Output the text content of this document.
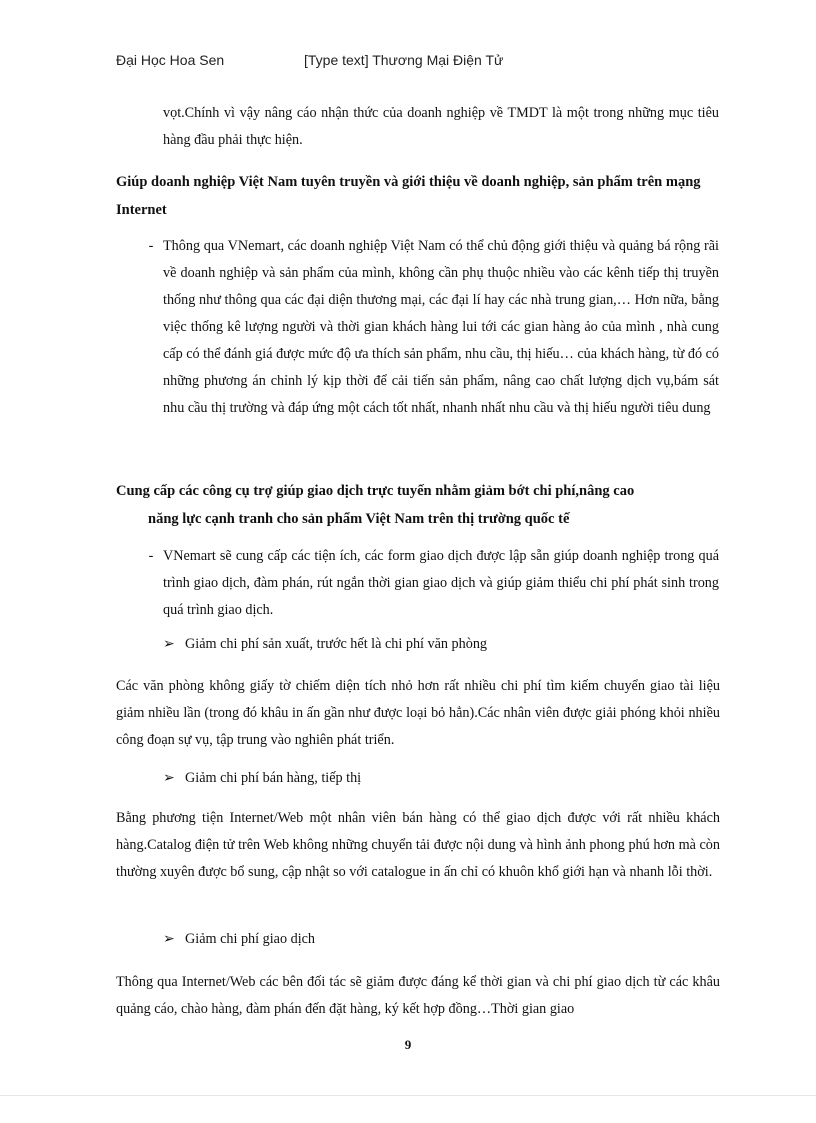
Đại Học Hoa Sen	[Type text] Thương Mại Điện Tử
vọt.Chính vì vậy nâng cáo nhận thức của doanh nghiệp về TMDT là một trong những mục tiêu hàng đầu phải thực hiện.
Giúp doanh nghiệp Việt Nam tuyên truyền và giới thiệu về doanh nghiệp, sản phẩm trên mạng Internet
- Thông qua VNemart, các doanh nghiệp Việt Nam có thể chủ động giới thiệu và quảng bá rộng rãi về doanh nghiệp và sản phẩm của mình, không cần phụ thuộc nhiều vào các kênh tiếp thị truyền thống như thông qua các đại diện thương mại, các đại lí hay các nhà trung gian,… Hơn nữa, bằng việc thống kê lượng người và thời gian khách hàng lui tới các gian hàng ảo của mình , nhà cung cấp có thể đánh giá được mức độ ưa thích sản phẩm, nhu cầu, thị hiếu… của khách hàng, từ đó có những phương án chỉnh lý kịp thời để cải tiến sản phẩm, nâng cao chất lượng dịch vụ,bám sát nhu cầu thị trường và đáp ứng một cách tốt nhất, nhanh nhất nhu cầu và thị hiếu người tiêu dung
Cung cấp các công cụ trợ giúp giao dịch trực tuyến nhằm giảm bớt chi phí,nâng cao
năng lực cạnh tranh cho sản phẩm Việt Nam trên thị trường quốc tế
- VNemart sẽ cung cấp các tiện ích, các form giao dịch được lập sẵn giúp doanh nghiệp trong quá trình giao dịch, đàm phán, rút ngắn thời gian giao dịch và giúp giảm thiểu chi phí phát sinh trong quá trình giao dịch.
➢ Giảm chi phí sản xuất, trước hết là chi phí văn phòng
Các văn phòng không giấy tờ chiếm diện tích nhỏ hơn rất nhiều chi phí tìm kiếm chuyển giao tài liệu giảm nhiều lần (trong đó khâu in ấn gần như được loại bỏ hẳn).Các nhân viên được giải phóng khỏi nhiều công đoạn sự vụ, tập trung vào nghiên phát triển.
➢ Giảm chi phí bán hàng, tiếp thị
Bằng phương tiện Internet/Web một nhân viên bán hàng có thể giao dịch được với rất nhiều khách hàng.Catalog điện tử trên Web không những chuyển tải được nội dung và hình ảnh phong phú hơn mà còn thường xuyên được bổ sung, cập nhật so với catalogue in ấn chỉ có khuôn khổ giới hạn và nhanh lỗi thời.
➢ Giảm chi phí giao dịch
Thông qua Internet/Web các bên đối tác sẽ giảm được đáng kể thời gian và chi phí giao dịch từ các khâu quảng cáo, chào hàng, đàm phán đến đặt hàng, ký kết hợp đồng…Thời gian giao
9
